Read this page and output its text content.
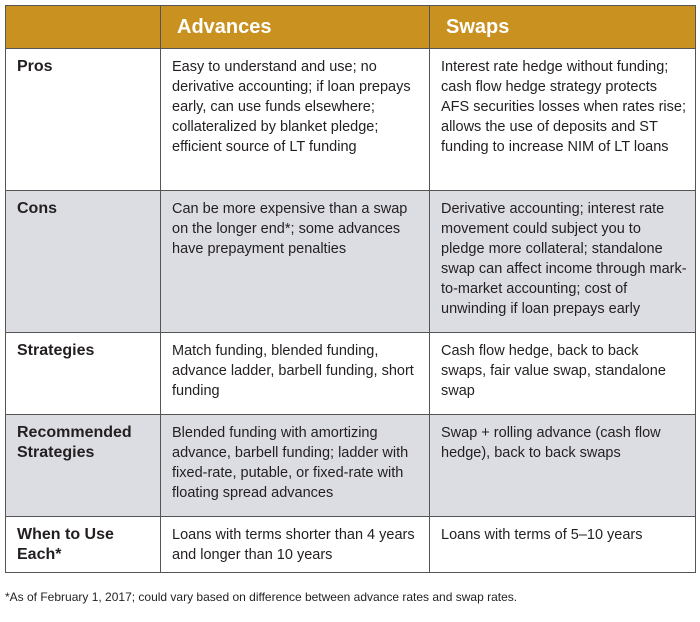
	Advances	Swaps
Pros	Easy to understand and use; no derivative accounting; if loan prepays early, can use funds elsewhere; collateralized by blanket pledge; efficient source of LT funding	Interest rate hedge without funding; cash flow hedge strategy protects AFS securities losses when rates rise; allows the use of deposits and ST funding to increase NIM of LT loans
Cons	Can be more expensive than a swap on the longer end*; some advances have prepayment penalties	Derivative accounting; interest rate movement could subject you to pledge more collateral; standalone swap can affect income through mark-to-market accounting; cost of unwinding if loan prepays early
Strategies	Match funding, blended funding, advance ladder, barbell funding, short funding	Cash flow hedge, back to back swaps, fair value swap, standalone swap
Recommended Strategies	Blended funding with amortizing advance, barbell funding; ladder with fixed-rate, putable, or fixed-rate with floating spread advances	Swap + rolling advance (cash flow hedge), back to back swaps
When to Use Each*	Loans with terms shorter than 4 years and longer than 10 years	Loans with terms of 5–10 years
*As of February 1, 2017; could vary based on difference between advance rates and swap rates.
